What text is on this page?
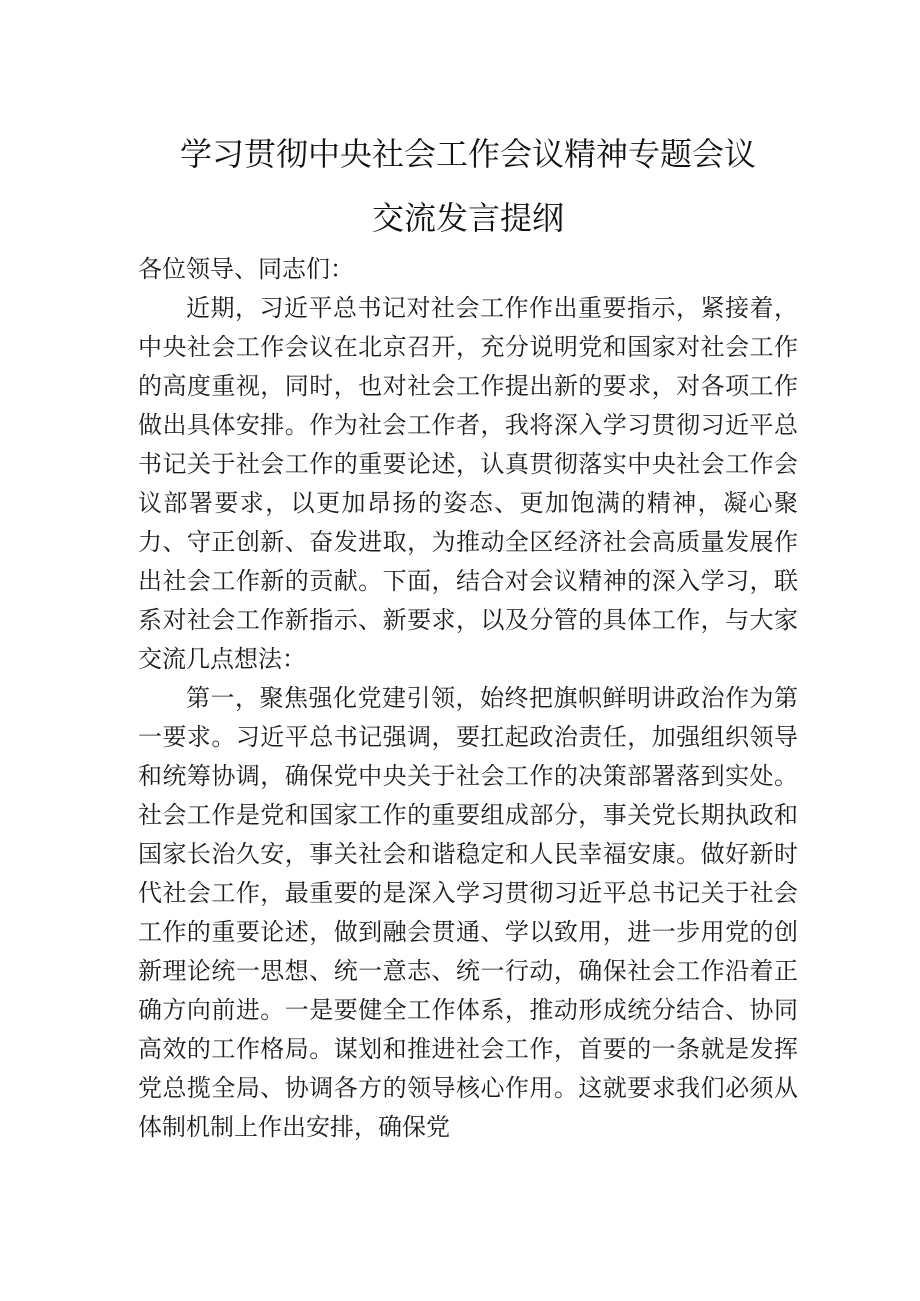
学习贯彻中央社会工作会议精神专题会议
交流发言提纲

各位领导、同志们：

近期，习近平总书记对社会工作作出重要指示，紧接着，中央社会工作会议在北京召开，充分说明党和国家对社会工作的高度重视，同时，也对社会工作提出新的要求，对各项工作做出具体安排。作为社会工作者，我将深入学习贯彻习近平总书记关于社会工作的重要论述，认真贯彻落实中央社会工作会议部署要求，以更加昂扬的姿态、更加饱满的精神，凝心聚力、守正创新、奋发进取，为推动全区经济社会高质量发展作出社会工作新的贡献。下面，结合对会议精神的深入学习，联系对社会工作新指示、新要求，以及分管的具体工作，与大家交流几点想法：

第一，聚焦强化党建引领，始终把旗帜鲜明讲政治作为第一要求。习近平总书记强调，要扛起政治责任，加强组织领导和统筹协调，确保党中央关于社会工作的决策部署落到实处。社会工作是党和国家工作的重要组成部分，事关党长期执政和国家长治久安，事关社会和谐稳定和人民幸福安康。做好新时代社会工作，最重要的是深入学习贯彻习近平总书记关于社会工作的重要论述，做到融会贯通、学以致用，进一步用党的创新理论统一思想、统一意志、统一行动，确保社会工作沿着正确方向前进。一是要健全工作体系，推动形成统分结合、协同高效的工作格局。谋划和推进社会工作，首要的一条就是发挥党总揽全局、协调各方的领导核心作用。这就要求我们必须从体制机制上作出安排，确保党
